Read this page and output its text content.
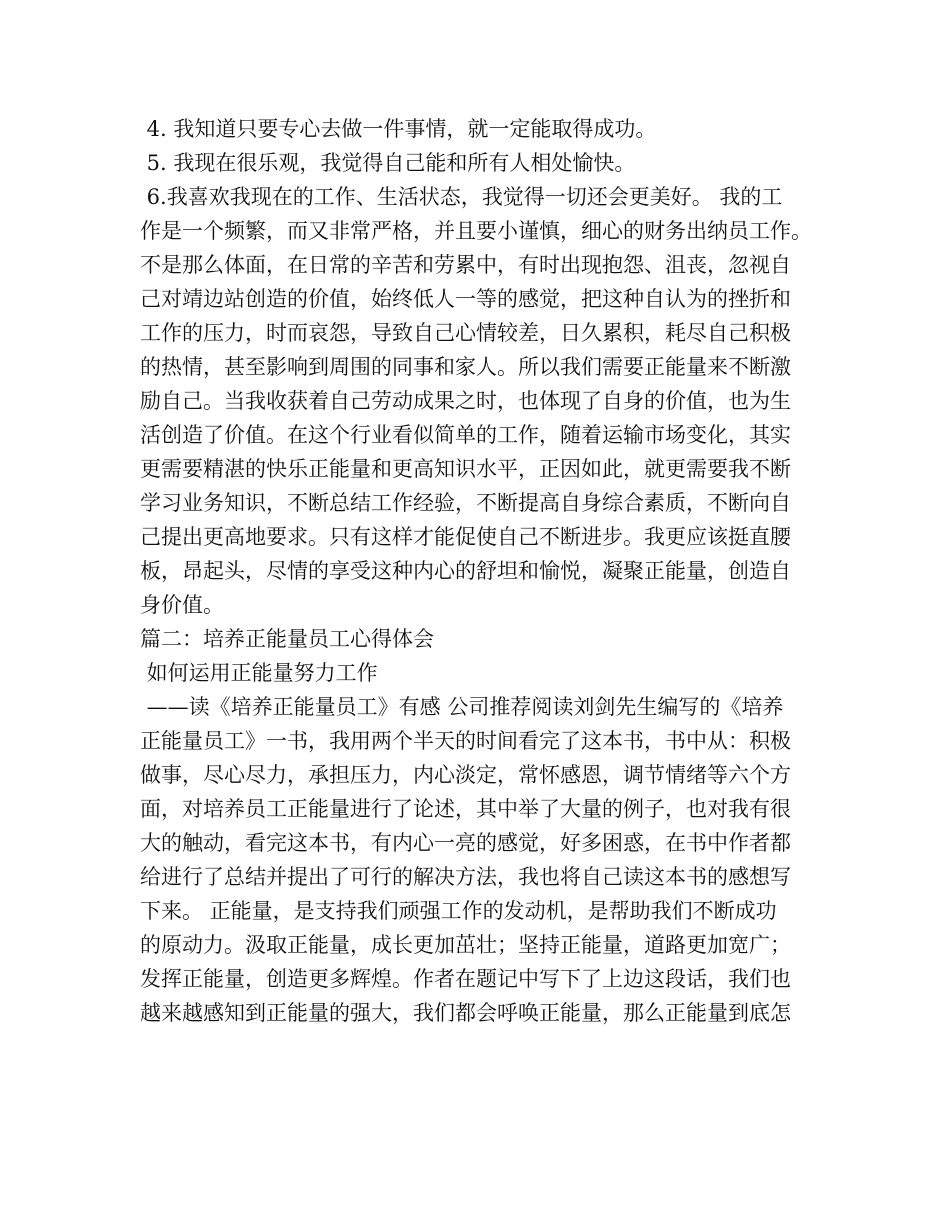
4. 我知道只要专心去做一件事情，就一定能取得成功。
5. 我现在很乐观，我觉得自己能和所有人相处愉快。
6.我喜欢我现在的工作、生活状态，我觉得一切还会更美好。 我的工
作是一个频繁，而又非常严格，并且要小谨慎，细心的财务出纳员工作。
不是那么体面，在日常的辛苦和劳累中，有时出现抱怨、沮丧，忽视自
己对靖边站创造的价值，始终低人一等的感觉，把这种自认为的挫折和
工作的压力，时而哀怨，导致自己心情较差，日久累积，耗尽自己积极
的热情，甚至影响到周围的同事和家人。所以我们需要正能量来不断激
励自己。当我收获着自己劳动成果之时，也体现了自身的价值，也为生
活创造了价值。在这个行业看似简单的工作，随着运输市场变化，其实
更需要精湛的快乐正能量和更高知识水平，正因如此，就更需要我不断
学习业务知识，不断总结工作经验，不断提高自身综合素质，不断向自
己提出更高地要求。只有这样才能促使自己不断进步。我更应该挺直腰
板，昂起头，尽情的享受这种内心的舒坦和愉悦，凝聚正能量，创造自
身价值。
篇二：培养正能量员工心得体会
如何运用正能量努力工作
——读《培养正能量员工》有感 公司推荐阅读刘剑先生编写的《培养
正能量员工》一书，我用两个半天的时间看完了这本书，书中从：积极
做事，尽心尽力，承担压力，内心淡定，常怀感恩，调节情绪等六个方
面，对培养员工正能量进行了论述，其中举了大量的例子，也对我有很
大的触动，看完这本书，有内心一亮的感觉，好多困惑，在书中作者都
给进行了总结并提出了可行的解决方法，我也将自己读这本书的感想写
下来。 正能量，是支持我们顽强工作的发动机，是帮助我们不断成功
的原动力。汲取正能量，成长更加茁壮；坚持正能量，道路更加宽广；
发挥正能量，创造更多辉煌。作者在题记中写下了上边这段话，我们也
越来越感知到正能量的强大，我们都会呼唤正能量，那么正能量到底怎
